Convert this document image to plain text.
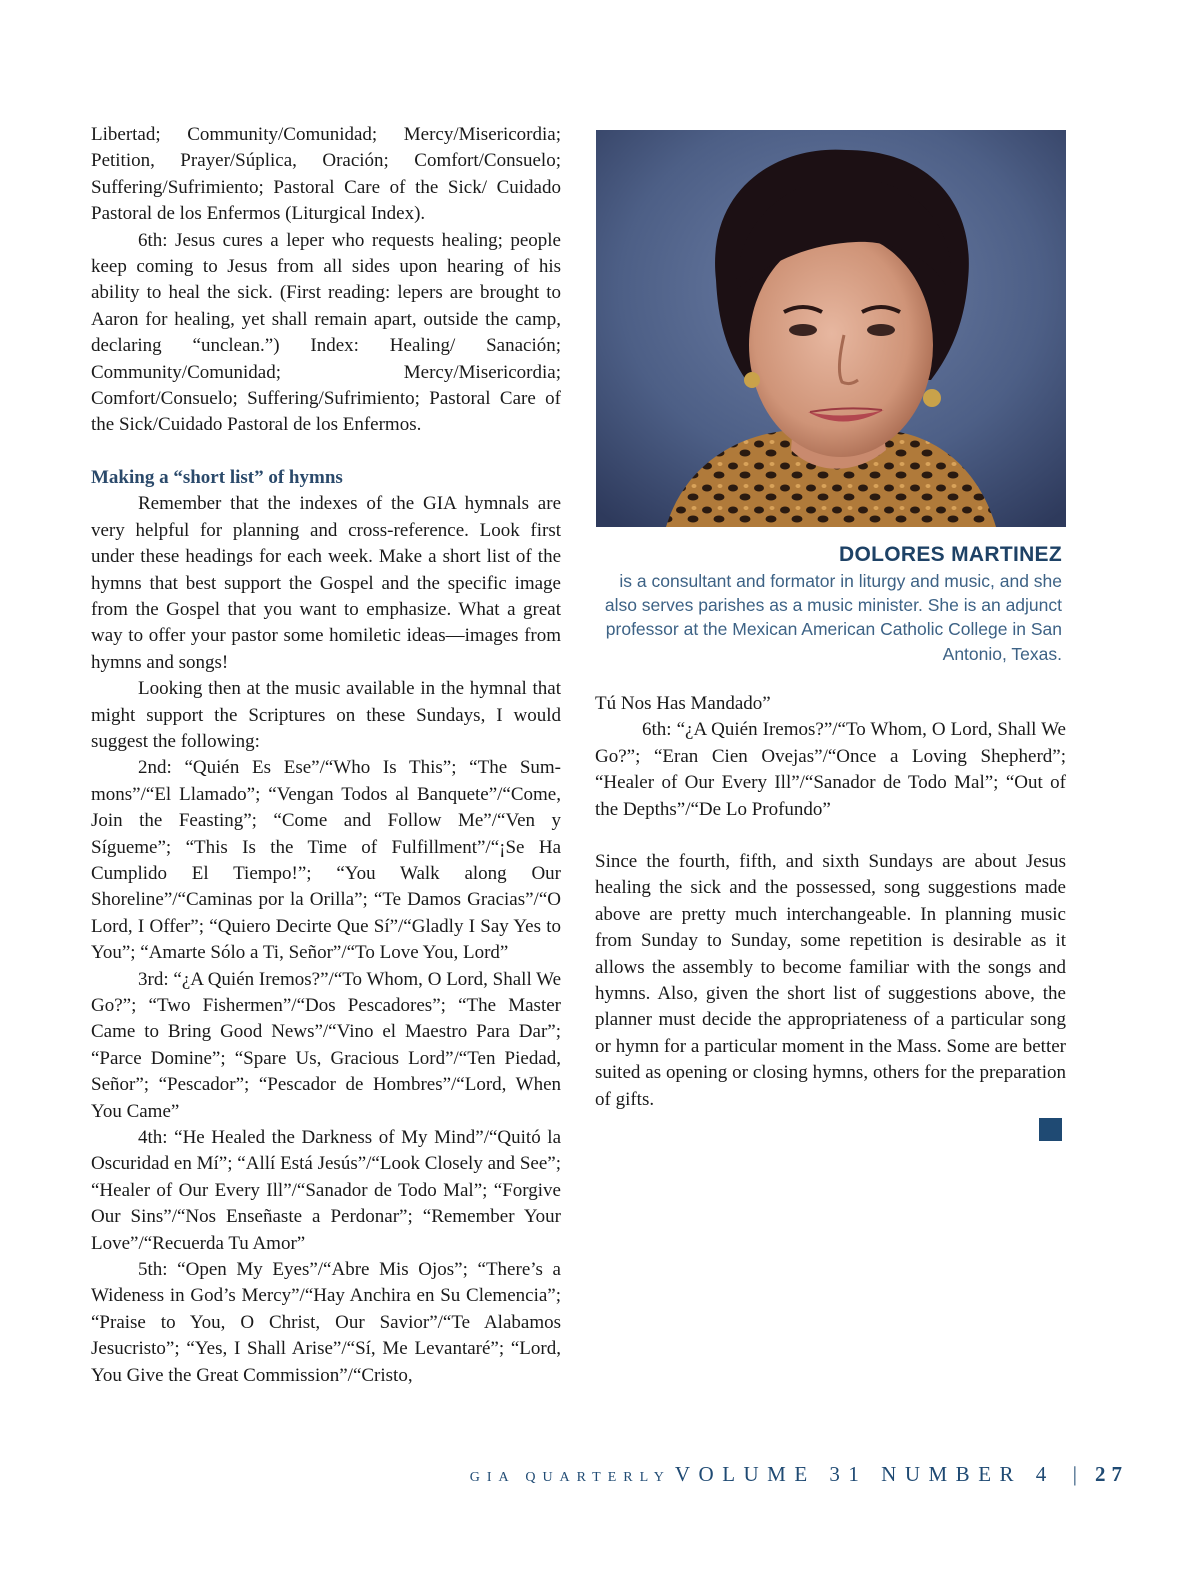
Libertad; Community/Comunidad; Mercy/Misericordia; Petition, Prayer/Súplica, Oración; Comfort/Consuelo; Suffering/Sufrimiento; Pastoral Care of the Sick/ Cuidado Pastoral de los Enfermos (Liturgical Index).

6th: Jesus cures a leper who requests healing; people keep coming to Jesus from all sides upon hearing of his ability to heal the sick. (First reading: lepers are brought to Aaron for healing, yet shall remain apart, outside the camp, declaring “unclean.”) Index: Healing/ Sanación; Community/Comunidad; Mercy/Misericordia; Comfort/Consuelo; Suffering/Sufrimiento; Pastoral Care of the Sick/Cuidado Pastoral de los Enfermos.

Making a “short list” of hymns

Remember that the indexes of the GIA hymnals are very helpful for planning and cross-reference. Look first under these headings for each week. Make a short list of the hymns that best support the Gospel and the specific image from the Gospel that you want to emphasize. What a great way to offer your pastor some homiletic ideas—images from hymns and songs!

Looking then at the music available in the hymnal that might support the Scriptures on these Sundays, I would suggest the following:

2nd: “Quién Es Ese”/“Who Is This”; “The Summons”/“El Llamado”; “Vengan Todos al Banquete”/“Come, Join the Feasting”; “Come and Follow Me”/“Ven y Sígueme”; “This Is the Time of Fulfillment”/“¡Se Ha Cumplido El Tiempo!”; “You Walk along Our Shoreline”/“Caminas por la Orilla”; “Te Damos Gracias”/“O Lord, I Offer”; “Quiero Decirte Que Sí”/“Gladly I Say Yes to You”; “Amarte Sólo a Ti, Señor”/“To Love You, Lord”

3rd: “¿A Quién Iremos?”/“To Whom, O Lord, Shall We Go?”; “Two Fishermen”/“Dos Pescadores”; “The Master Came to Bring Good News”/“Vino el Maestro Para Dar”; “Parce Domine”; “Spare Us, Gracious Lord”/“Ten Piedad, Señor”; “Pescador”; “Pescador de Hombres”/“Lord, When You Came”

4th: “He Healed the Darkness of My Mind”/“Quitó la Oscuridad en Mí”; “Allí Está Jesús”/“Look Closely and See”; “Healer of Our Every Ill”/“Sanador de Todo Mal”; “Forgive Our Sins”/“Nos Enseñaste a Perdonar”; “Remember Your Love”/“Recuerda Tu Amor”

5th: “Open My Eyes”/“Abre Mis Ojos”; “There’s a Wideness in God’s Mercy”/“Hay Anchira en Su Clemencia”; “Praise to You, O Christ, Our Savior”/“Te Alabamos Jesucristo”; “Yes, I Shall Arise”/“Sí, Me Levantaré”; “Lord, You Give the Great Commission”/“Cristo,

DOLORES MARTINEZ
is a consultant and formator in liturgy and music, and she also serves parishes as a music minister. She is an adjunct professor at the Mexican American Catholic College in San Antonio, Texas.

Tú Nos Has Mandado”

6th: “¿A Quién Iremos?”/“To Whom, O Lord, Shall We Go?”; “Eran Cien Ovejas”/“Once a Loving Shepherd”; “Healer of Our Every Ill”/“Sanador de Todo Mal”; “Out of the Depths”/“De Lo Profundo”

Since the fourth, fifth, and sixth Sundays are about Jesus healing the sick and the possessed, song suggestions made above are pretty much interchangeable. In planning music from Sunday to Sunday, some repetition is desirable as it allows the assembly to become familiar with the songs and hymns. Also, given the short list of suggestions above, the planner must decide the appropriateness of a particular song or hymn for a particular moment in the Mass. Some are better suited as opening or closing hymns, others for the preparation of gifts.

GIA QUARTERLY VOLUME 31 NUMBER 4 | 27
